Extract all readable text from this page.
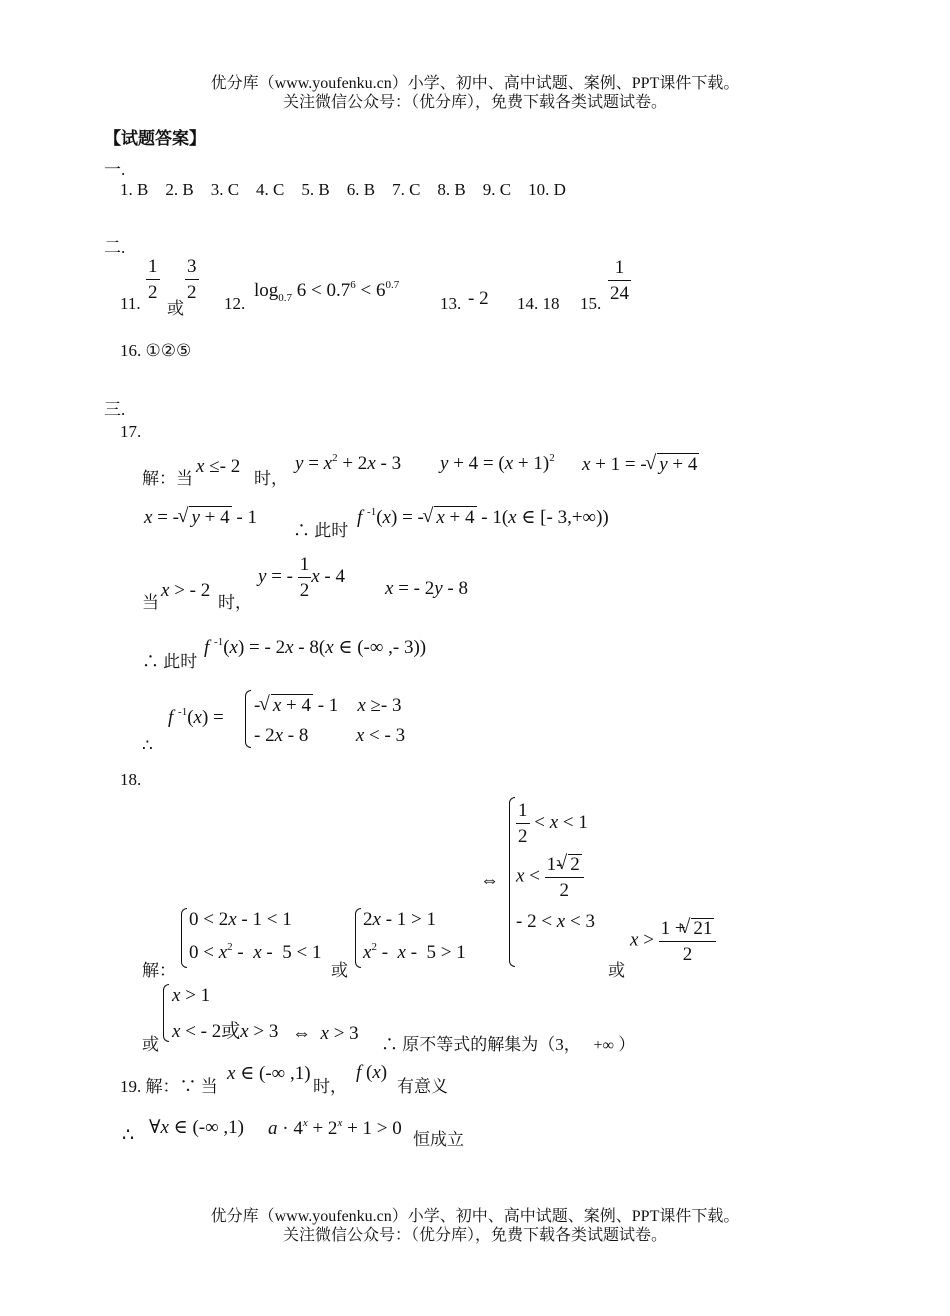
优分库（www.youfenku.cn）小学、初中、高中试题、案例、PPT课件下载。
关注微信公众号：（优分库），免费下载各类试题试卷。
【试题答案】
一.
1. B 2. B 3. C 4. C 5. B 6. B 7. C 8. B 9. C 10. D
二.
11.
$\frac{1}{2}$
或
$\frac{3}{2}$
12.
$\log_{0.7} 6 < 0.7^6 < 6^{0.7}$
13. - 2 14. 18 15.
$\frac{1}{24}$
16. ①②⑤
三.
17.
解：当
x ≤- 2
时，
$y = x^2 + 2x - 3$ $y + 4 = (x + 1)^2$ x + 1 = -  √ y + 4
x = -  √ y + 4 - 1
∴ 此时
f $^{-1}$(x) = -  √ x + 4 - 1(x ∈ [- 3,+∞))
当
x > - 2
时，
y = - $\frac{1}{2}$ x - 4
x = - 2y - 8
∴ 此时
f $^{-1}$(x) = - 2x - 8(x ∈ (-∞ ,- 3))
f $^{-1}$(x) =
-  √ x + 4 - 1    x ≥- 3
- 2x - 8          x < - 3
∴
18.
⇔
$\frac{1}{2} < x < 1$
$x < \frac{1- √ 2}{2}$
- 2 < x < 3
或
$x > \frac{1 + √ 21}{2}$
解：
0 < 2x - 1 < 1
$0 < x^2 - x - 5 < 1$
或
2x - 1 > 1
$x^2 - x - 5 > 1$
或
x > 1
x < - 2或x > 3 ⇔  x > 3
∴ 原不等式的解集为（3， +∞ ）
19. 解：∵ 当
x ∈ (-∞ ,1)
时，
f (x)
有意义
∴ ∀x ∈ (-∞ ,1) $a \cdot 4^x + 2^x + 1 > 0$
恒成立
优分库（www.youfenku.cn）小学、初中、高中试题、案例、PPT课件下载。
关注微信公众号：（优分库），免费下载各类试题试卷。
